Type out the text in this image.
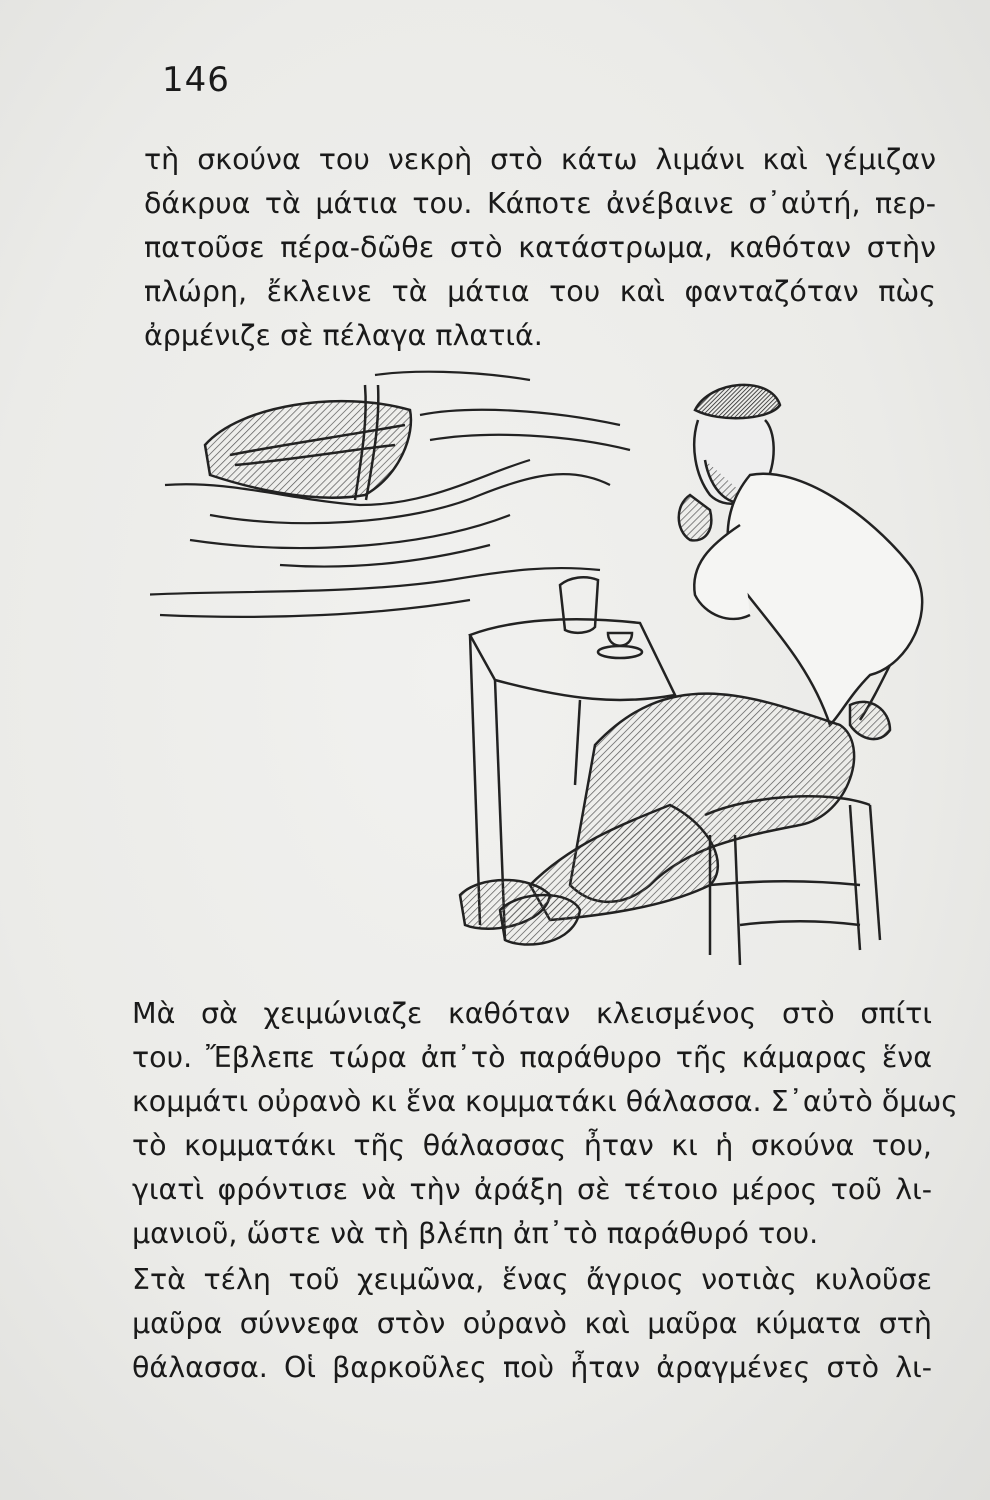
146
τὴ σκούνα του νεκρὴ στὸ κάτω λιμάνι καὶ γέμιζαν
δάκρυα τὰ μάτια του. Κάποτε ἀνέβαινε σ᾿αὐτή, περ-
πατοῦσε πέρα-δῶθε στὸ κατάστρωμα, καθόταν στὴν
πλώρη, ἔκλεινε τὰ μάτια του καὶ φανταζόταν πὼς
ἀρμένιζε σὲ πέλαγα πλατιά.
Μὰ σὰ χειμώνιαζε καθόταν κλεισμένος στὸ σπίτι
του. Ἔβλεπε τώρα ἀπ᾿τὸ παράθυρο τῆς κάμαρας ἕνα
κομμάτι οὐρανὸ κι ἕνα κομματάκι θάλασσα. Σ᾿αὐτὸ ὅμως
τὸ κομματάκι τῆς θάλασσας ἦταν κι ἡ σκούνα του,
γιατὶ φρόντισε νὰ τὴν ἀράξη σὲ τέτοιο μέρος τοῦ λι-
μανιοῦ, ὥστε νὰ τὴ βλέπη ἀπ᾿τὸ παράθυρό του.
Στὰ τέλη τοῦ χειμῶνα, ἕνας ἄγριος νοτιὰς κυλοῦσε
μαῦρα σύννεφα στὸν οὐρανὸ καὶ μαῦρα κύματα στὴ
θάλασσα. Οἱ βαρκοῦλες ποὺ ἦταν ἀραγμένες στὸ λι-
